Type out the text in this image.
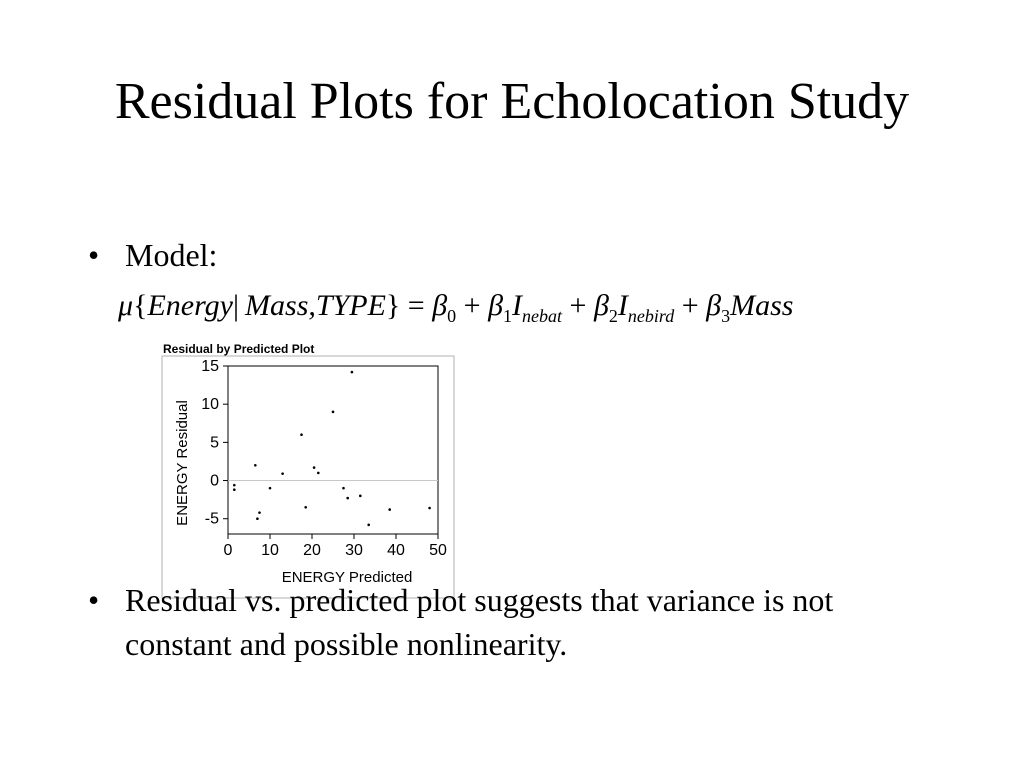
Residual Plots for Echolocation Study
• Model:
μ{Energy|  Mass,TYPE} = $\beta_0 + \beta_1I_{nebat} + \beta_2I_{nebird}$ + $\beta_3Mass$
Residual by Predicted Plot
0 10 20 30 40 50
15
10
5
0
-5
ENERGY Predicted
ENERGY Residual
• Residual vs. predicted plot suggests that variance is not constant and possible nonlinearity.
